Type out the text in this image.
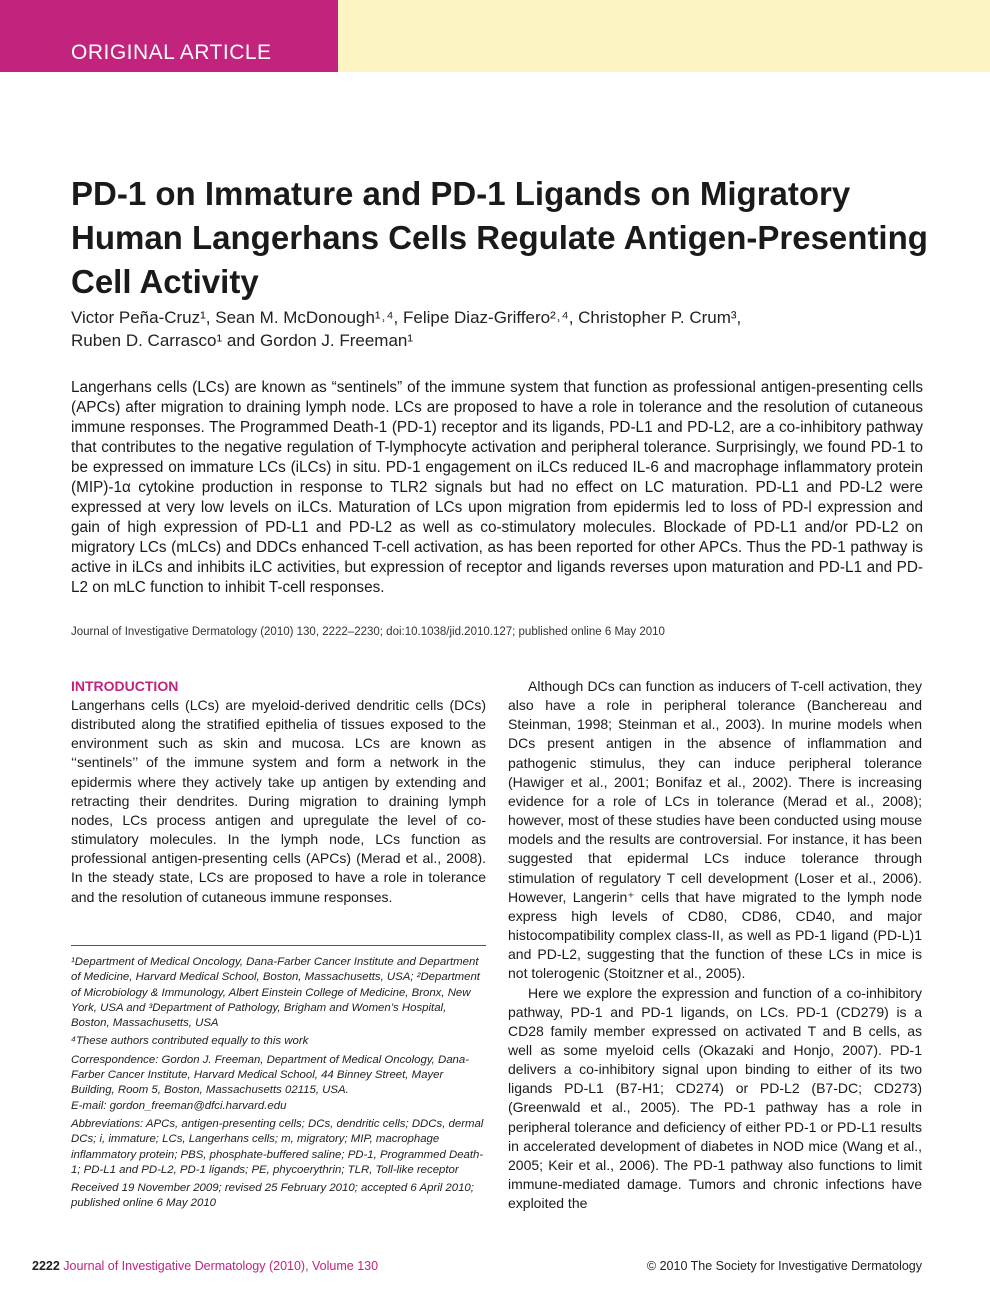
ORIGINAL ARTICLE
PD-1 on Immature and PD-1 Ligands on Migratory Human Langerhans Cells Regulate Antigen-Presenting Cell Activity
Victor Peña-Cruz¹, Sean M. McDonough¹˒⁴, Felipe Diaz-Griffero²˒⁴, Christopher P. Crum³,
Ruben D. Carrasco¹ and Gordon J. Freeman¹

Langerhans cells (LCs) are known as “sentinels” of the immune system that function as professional antigen-presenting cells (APCs) after migration to draining lymph node. LCs are proposed to have a role in tolerance and the resolution of cutaneous immune responses. The Programmed Death-1 (PD-1) receptor and its ligands, PD-L1 and PD-L2, are a co-inhibitory pathway that contributes to the negative regulation of T-lymphocyte activation and peripheral tolerance. Surprisingly, we found PD-1 to be expressed on immature LCs (iLCs) in situ. PD-1 engagement on iLCs reduced IL-6 and macrophage inflammatory protein (MIP)-1α cytokine production in response to TLR2 signals but had no effect on LC maturation. PD-L1 and PD-L2 were expressed at very low levels on iLCs. Maturation of LCs upon migration from epidermis led to loss of PD-l expression and gain of high expression of PD-L1 and PD-L2 as well as co-stimulatory molecules. Blockade of PD-L1 and/or PD-L2 on migratory LCs (mLCs) and DDCs enhanced T-cell activation, as has been reported for other APCs. Thus the PD-1 pathway is active in iLCs and inhibits iLC activities, but expression of receptor and ligands reverses upon maturation and PD-L1 and PD-L2 on mLC function to inhibit T-cell responses.

Journal of Investigative Dermatology (2010) 130, 2222–2230; doi:10.1038/jid.2010.127; published online 6 May 2010
INTRODUCTION

Langerhans cells (LCs) are myeloid-derived dendritic cells (DCs) distributed along the stratified epithelia of tissues exposed to the environment such as skin and mucosa. LCs are known as ‘‘sentinels’’ of the immune system and form a network in the epidermis where they actively take up antigen by extending and retracting their dendrites. During migration to draining lymph nodes, LCs process antigen and upregulate the level of co-stimulatory molecules. In the lymph node, LCs function as professional antigen-presenting cells (APCs) (Merad et al., 2008). In the steady state, LCs are proposed to have a role in tolerance and the resolution of cutaneous immune responses.

¹Department of Medical Oncology, Dana-Farber Cancer Institute and Department of Medicine, Harvard Medical School, Boston, Massachusetts, USA; ²Department of Microbiology & Immunology, Albert Einstein College of Medicine, Bronx, New York, USA and ³Department of Pathology, Brigham and Women’s Hospital, Boston, Massachusetts, USA

⁴These authors contributed equally to this work

Correspondence: Gordon J. Freeman, Department of Medical Oncology, Dana-Farber Cancer Institute, Harvard Medical School, 44 Binney Street, Mayer Building, Room 5, Boston, Massachusetts 02115, USA.
E-mail: gordon_freeman@dfci.harvard.edu

Abbreviations: APCs, antigen-presenting cells; DCs, dendritic cells; DDCs, dermal DCs; i, immature; LCs, Langerhans cells; m, migratory; MIP, macrophage inflammatory protein; PBS, phosphate-buffered saline; PD-1, Programmed Death-1; PD-L1 and PD-L2, PD-1 ligands; PE, phycoerythrin; TLR, Toll-like receptor

Received 19 November 2009; revised 25 February 2010; accepted 6 April 2010; published online 6 May 2010

Although DCs can function as inducers of T-cell activation, they also have a role in peripheral tolerance (Banchereau and Steinman, 1998; Steinman et al., 2003). In murine models when DCs present antigen in the absence of inflammation and pathogenic stimulus, they can induce peripheral tolerance (Hawiger et al., 2001; Bonifaz et al., 2002). There is increasing evidence for a role of LCs in tolerance (Merad et al., 2008); however, most of these studies have been conducted using mouse models and the results are controversial. For instance, it has been suggested that epidermal LCs induce tolerance through stimulation of regulatory T cell development (Loser et al., 2006). However, Langerin⁺ cells that have migrated to the lymph node express high levels of CD80, CD86, CD40, and major histocompatibility complex class-II, as well as PD-1 ligand (PD-L)1 and PD-L2, suggesting that the function of these LCs in mice is not tolerogenic (Stoitzner et al., 2005).

Here we explore the expression and function of a co-inhibitory pathway, PD-1 and PD-1 ligands, on LCs. PD-1 (CD279) is a CD28 family member expressed on activated T and B cells, as well as some myeloid cells (Okazaki and Honjo, 2007). PD-1 delivers a co-inhibitory signal upon binding to either of its two ligands PD-L1 (B7-H1; CD274) or PD-L2 (B7-DC; CD273) (Greenwald et al., 2005). The PD-1 pathway has a role in peripheral tolerance and deficiency of either PD-1 or PD-L1 results in accelerated development of diabetes in NOD mice (Wang et al., 2005; Keir et al., 2006). The PD-1 pathway also functions to limit immune-mediated damage. Tumors and chronic infections have exploited the

2222 Journal of Investigative Dermatology (2010), Volume 130	© 2010 The Society for Investigative Dermatology
